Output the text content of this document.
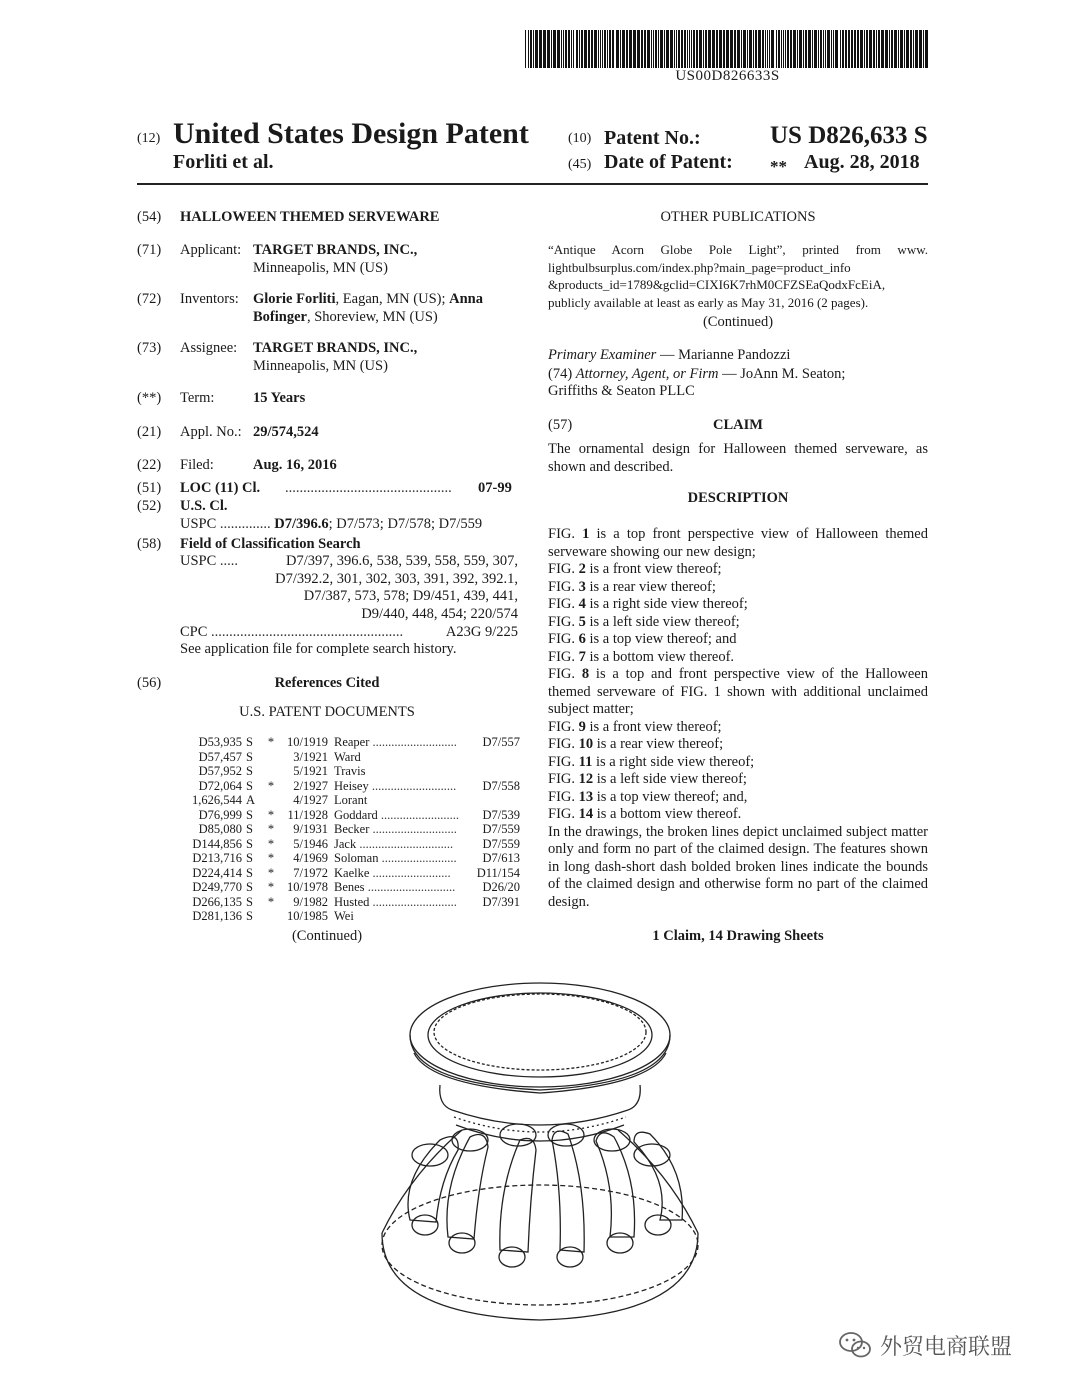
US00D826633S
(12) United States Design Patent
Forliti et al.
(10) Patent No.:	US D826,633 S
(45) Date of Patent: ** Aug. 28, 2018
(54) HALLOWEEN THEMED SERVEWARE
(71) Applicant: TARGET BRANDS, INC.,
Minneapolis, MN (US)
(72) Inventors: Glorie Forliti, Eagan, MN (US); Anna
Bofinger, Shoreview, MN (US)
(73) Assignee: TARGET BRANDS, INC.,
Minneapolis, MN (US)
(**) Term:	15 Years
(21) Appl. No.: 29/574,524
(22) Filed:	Aug. 16, 2016
(51) LOC (11) Cl. .............................................. 07-99
(52) U.S. Cl.
USPC .............. D7/396.6; D7/573; D7/578; D7/559
(58) Field of Classification Search
USPC .....	D7/397, 396.6, 538, 539, 558, 559, 307,
D7/392.2, 301, 302, 303, 391, 392, 392.1,
D7/387, 573, 578; D9/451, 439, 441,
D9/440, 448, 454; 220/574
CPC .....................................................	A23G 9/225
See application file for complete search history.
(56)	References Cited
U.S. PATENT DOCUMENTS
D53,935	S	*	10/1919	Reaper ...........................	D7/557
D57,457	S		3/1921	Ward	
D57,952	S		5/1921	Travis	
D72,064	S	*	2/1927	Heisey ...........................	D7/558
1,626,544	A		4/1927	Lorant	
D76,999	S	*	11/1928	Goddard .........................	D7/539
D85,080	S	*	9/1931	Becker ...........................	D7/559
D144,856	S	*	5/1946	Jack ..............................	D7/559
D213,716	S	*	4/1969	Soloman ........................	D7/613
D224,414	S	*	7/1972	Kaelke .........................	D11/154
D249,770	S	*	10/1978	Benes ............................	D26/20
D266,135	S	*	9/1982	Husted ...........................	D7/391
D281,136	S		10/1985	Wei	
(Continued)
OTHER PUBLICATIONS
“Antique Acorn Globe Pole Light”, printed from www.
lightbulbsurplus.com/index.php?main_page=product_info
&products_id=1789&gclid=CIXI6K7rhM0CFZSEaQodxFcEiA,
publicly available at least as early as May 31, 2016 (2 pages).
(Continued)
Primary Examiner — Marianne Pandozzi
(74) Attorney, Agent, or Firm — JoAnn M. Seaton;
Griffiths & Seaton PLLC
(57)	CLAIM
The ornamental design for Halloween themed serveware, as shown and described.
DESCRIPTION

FIG. 1 is a top front perspective view of Halloween themed serveware showing our new design;

FIG. 2 is a front view thereof;

FIG. 3 is a rear view thereof;

FIG. 4 is a right side view thereof;

FIG. 5 is a left side view thereof;

FIG. 6 is a top view thereof; and

FIG. 7 is a bottom view thereof.

FIG. 8 is a top and front perspective view of the Halloween themed serveware of FIG. 1 shown with additional unclaimed subject matter;

FIG. 9 is a front view thereof;

FIG. 10 is a rear view thereof;

FIG. 11 is a right side view thereof;

FIG. 12 is a left side view thereof;

FIG. 13 is a top view thereof; and,

FIG. 14 is a bottom view thereof.

In the drawings, the broken lines depict unclaimed subject matter only and form no part of the claimed design. The features shown in long dash-short dash bolded broken lines indicate the bounds of the claimed design and otherwise form no part of the claimed design.

1 Claim, 14 Drawing Sheets
外贸电商联盟
